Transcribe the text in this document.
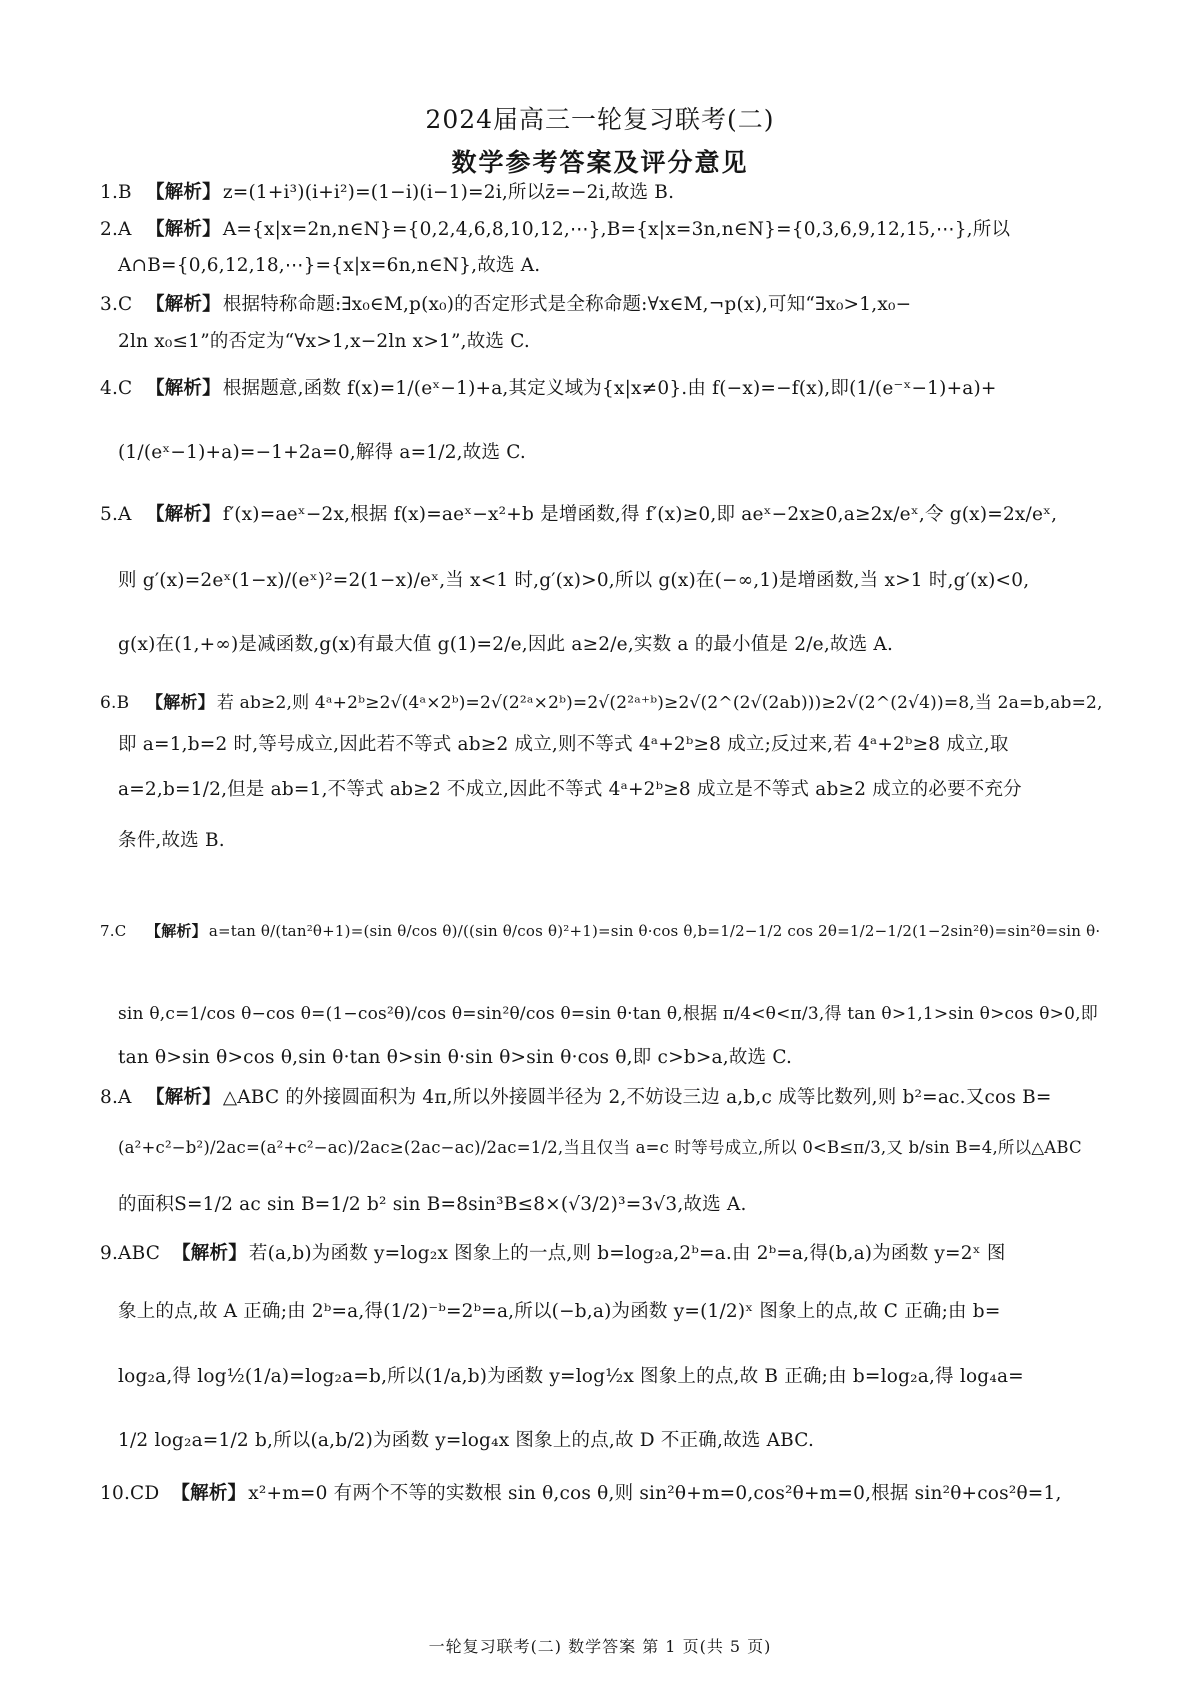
2024届高三一轮复习联考(二)
数学参考答案及评分意见
1.B 【解析】 z=(1+i³)(i+i²)=(1−i)(i−1)=2i,所以z̄=−2i,故选 B.
2.A 【解析】 A={x|x=2n,n∈N}={0,2,4,6,8,10,12,⋯},B={x|x=3n,n∈N}={0,3,6,9,12,15,⋯},所以
A∩B={0,6,12,18,⋯}={x|x=6n,n∈N},故选 A.
3.C 【解析】 根据特称命题:∃x₀∈M,p(x₀)的否定形式是全称命题:∀x∈M,¬p(x),可知“∃x₀>1,x₀−
2ln x₀≤1”的否定为“∀x>1,x−2ln x>1”,故选 C.
4.C 【解析】 根据题意,函数 f(x)=1/(eˣ−1)+a,其定义域为{x|x≠0}.由 f(−x)=−f(x),即(1/(e⁻ˣ−1)+a)+
(1/(eˣ−1)+a)=−1+2a=0,解得 a=1/2,故选 C.
5.A 【解析】 f′(x)=aeˣ−2x,根据 f(x)=aeˣ−x²+b 是增函数,得 f′(x)≥0,即 aeˣ−2x≥0,a≥2x/eˣ,令 g(x)=2x/eˣ,
则 g′(x)=2eˣ(1−x)/(eˣ)²=2(1−x)/eˣ,当 x<1 时,g′(x)>0,所以 g(x)在(−∞,1)是增函数,当 x>1 时,g′(x)<0,
g(x)在(1,+∞)是减函数,g(x)有最大值 g(1)=2/e,因此 a≥2/e,实数 a 的最小值是 2/e,故选 A.
6.B 【解析】 若 ab≥2,则 4ᵃ+2ᵇ≥2√(4ᵃ×2ᵇ)=2√(2²ᵃ×2ᵇ)=2√(2²ᵃ⁺ᵇ)≥2√(2^(2√(2ab)))≥2√(2^(2√4))=8,当 2a=b,ab=2,
即 a=1,b=2 时,等号成立,因此若不等式 ab≥2 成立,则不等式 4ᵃ+2ᵇ≥8 成立;反过来,若 4ᵃ+2ᵇ≥8 成立,取
a=2,b=1/2,但是 ab=1,不等式 ab≥2 不成立,因此不等式 4ᵃ+2ᵇ≥8 成立是不等式 ab≥2 成立的必要不充分
条件,故选 B.
7.C 【解析】 a=tan θ/(tan²θ+1)=(sin θ/cos θ)/((sin θ/cos θ)²+1)=sin θ·cos θ,b=1/2−1/2 cos 2θ=1/2−1/2(1−2sin²θ)=sin²θ=sin θ·
sin θ,c=1/cos θ−cos θ=(1−cos²θ)/cos θ=sin²θ/cos θ=sin θ·tan θ,根据 π/4<θ<π/3,得 tan θ>1,1>sin θ>cos θ>0,即
tan θ>sin θ>cos θ,sin θ·tan θ>sin θ·sin θ>sin θ·cos θ,即 c>b>a,故选 C.
8.A 【解析】 △ABC 的外接圆面积为 4π,所以外接圆半径为 2,不妨设三边 a,b,c 成等比数列,则 b²=ac.又cos B=
(a²+c²−b²)/2ac=(a²+c²−ac)/2ac≥(2ac−ac)/2ac=1/2,当且仅当 a=c 时等号成立,所以 0<B≤π/3,又 b/sin B=4,所以△ABC
的面积S=1/2 ac sin B=1/2 b² sin B=8sin³B≤8×(√3/2)³=3√3,故选 A.
9.ABC 【解析】 若(a,b)为函数 y=log₂x 图象上的一点,则 b=log₂a,2ᵇ=a.由 2ᵇ=a,得(b,a)为函数 y=2ˣ 图
象上的点,故 A 正确;由 2ᵇ=a,得(1/2)⁻ᵇ=2ᵇ=a,所以(−b,a)为函数 y=(1/2)ˣ 图象上的点,故 C 正确;由 b=
log₂a,得 log½(1/a)=log₂a=b,所以(1/a,b)为函数 y=log½x 图象上的点,故 B 正确;由 b=log₂a,得 log₄a=
1/2 log₂a=1/2 b,所以(a,b/2)为函数 y=log₄x 图象上的点,故 D 不正确,故选 ABC.
10.CD 【解析】 x²+m=0 有两个不等的实数根 sin θ,cos θ,则 sin²θ+m=0,cos²θ+m=0,根据 sin²θ+cos²θ=1,
一轮复习联考(二) 数学答案 第 1 页(共 5 页)
